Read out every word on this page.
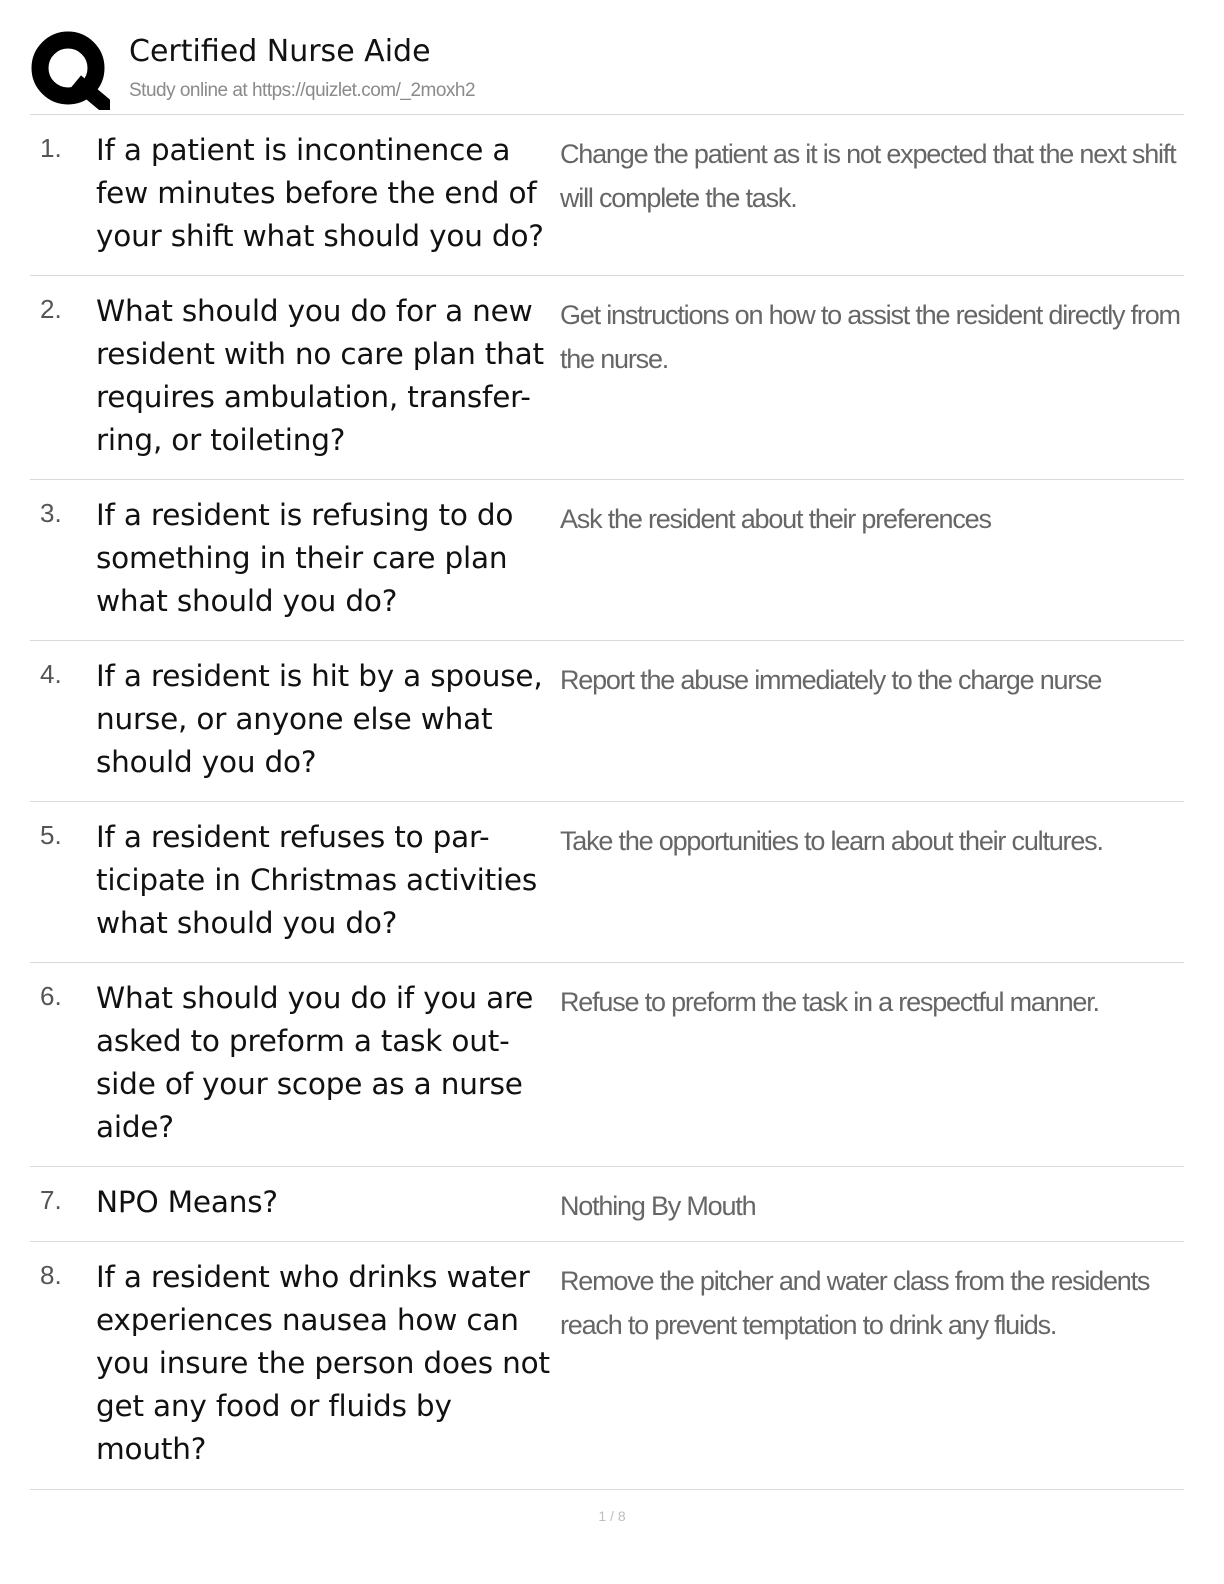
Certified Nurse Aide
Study online at https://quizlet.com/_2moxh2
1. If a patient is incontinence a few minutes before the end of your shift what should you do?
Change the patient as it is not expected that the next shift will complete the task.
2. What should you do for a new resident with no care plan that requires ambulation, transfer-ring, or toileting?
Get instructions on how to assist the resident directly from the nurse.
3. If a resident is refusing to do something in their care plan what should you do?
Ask the resident about their preferences
4. If a resident is hit by a spouse, nurse, or anyone else what should you do?
Report the abuse immediately to the charge nurse
5. If a resident refuses to par-ticipate in Christmas activities what should you do?
Take the opportunities to learn about their cultures.
6. What should you do if you are asked to preform a task out-side of your scope as a nurse aide?
Refuse to preform the task in a respectful manner.
7. NPO Means?	Nothing By Mouth
8. If a resident who drinks water experiences nausea how can you insure the person does not get any food or fluids by mouth?
Remove the pitcher and water class from the residents reach to prevent temptation to drink any fluids.
1 / 8
